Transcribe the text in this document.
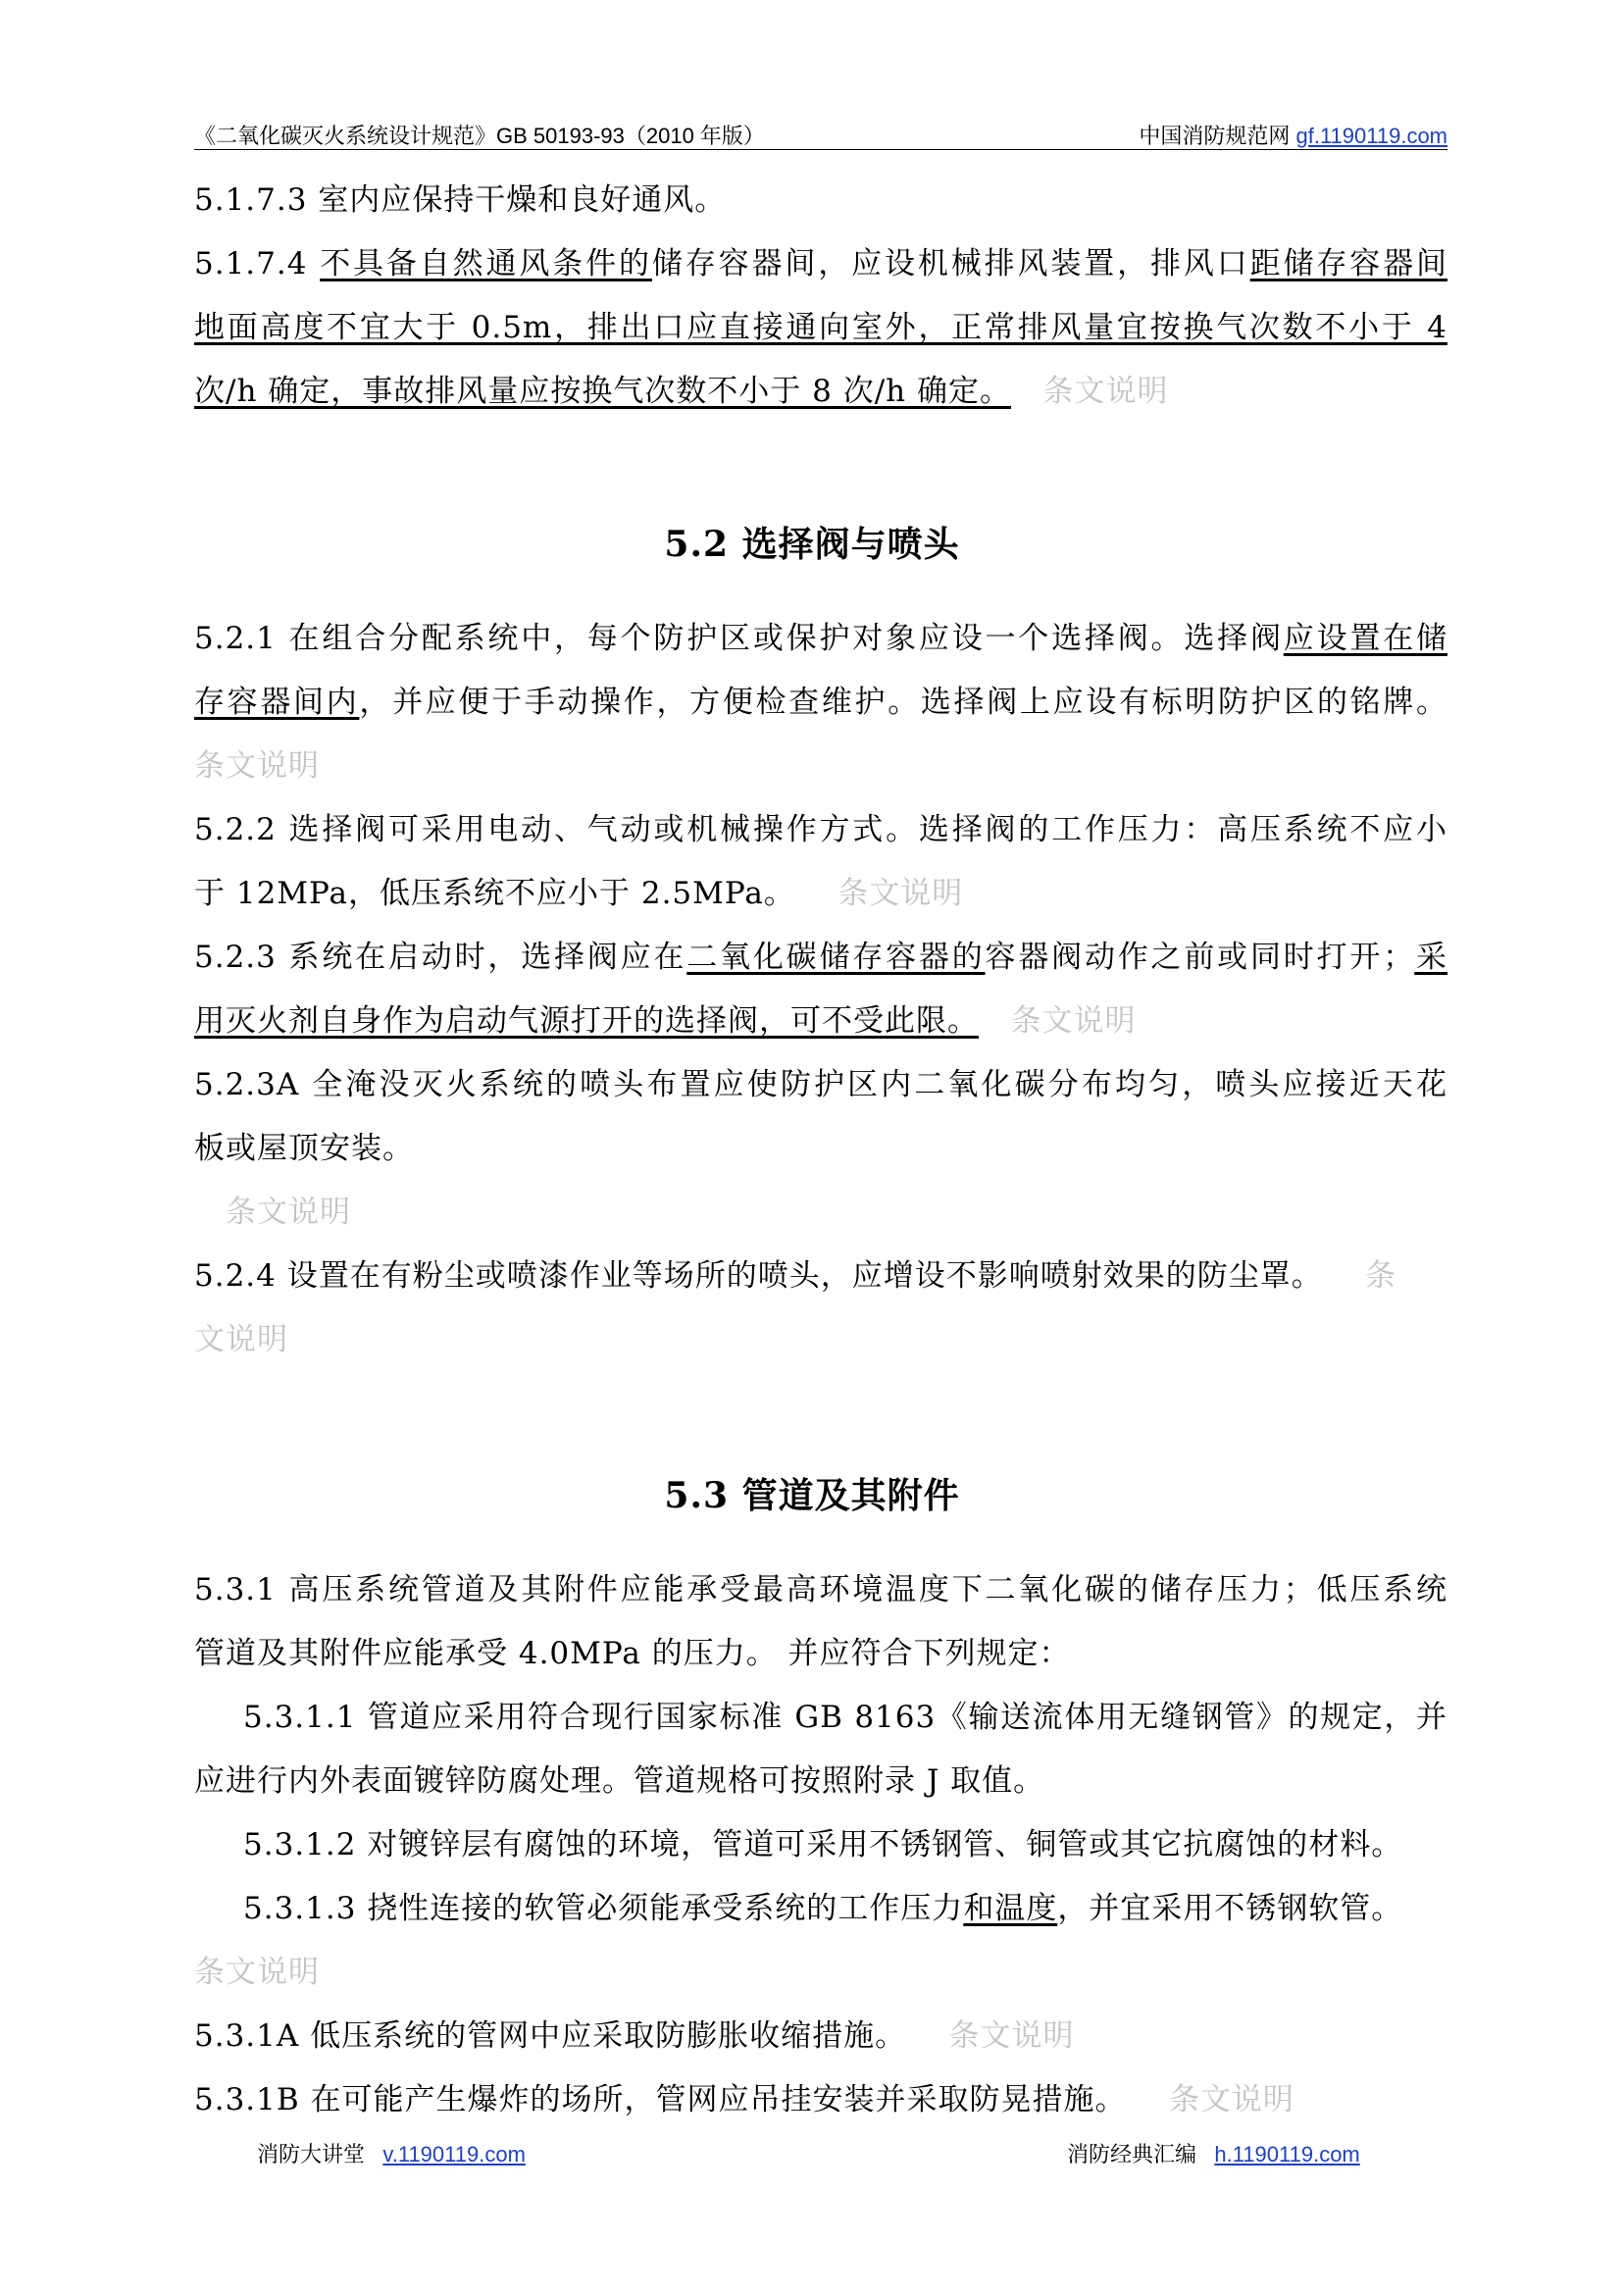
《二氧化碳灭火系统设计规范》GB 50193-93（2010 年版）	中国消防规范网 gf.1190119.com
5.1.7.3 室内应保持干燥和良好通风。
5.1.7.4 不具备自然通风条件的储存容器间，应设机械排风装置，排风口距储存容器间
地面高度不宜大于 0.5m，排出口应直接通向室外，正常排风量宜按换气次数不小于 4
次/h 确定，事故排风量应按换气次数不小于 8 次/h 确定。 条文说明
5.2 选择阀与喷头
5.2.1 在组合分配系统中，每个防护区或保护对象应设一个选择阀。选择阀应设置在储
存容器间内，并应便于手动操作，方便检查维护。选择阀上应设有标明防护区的铭牌。
条文说明
5.2.2 选择阀可采用电动、气动或机械操作方式。选择阀的工作压力：高压系统不应小
于 12MPa，低压系统不应小于 2.5MPa。 条文说明
5.2.3 系统在启动时，选择阀应在二氧化碳储存容器的容器阀动作之前或同时打开；采
用灭火剂自身作为启动气源打开的选择阀，可不受此限。 条文说明
5.2.3A 全淹没灭火系统的喷头布置应使防护区内二氧化碳分布均匀，喷头应接近天花
板或屋顶安装。
条文说明
5.2.4 设置在有粉尘或喷漆作业等场所的喷头，应增设不影响喷射效果的防尘罩。 条
文说明
5.3 管道及其附件
5.3.1 高压系统管道及其附件应能承受最高环境温度下二氧化碳的储存压力；低压系统
管道及其附件应能承受 4.0MPa 的压力。 并应符合下列规定：
5.3.1.1 管道应采用符合现行国家标准 GB 8163《输送流体用无缝钢管》的规定，并
应进行内外表面镀锌防腐处理。管道规格可按照附录 J 取值。
5.3.1.2 对镀锌层有腐蚀的环境，管道可采用不锈钢管、铜管或其它抗腐蚀的材料。
5.3.1.3 挠性连接的软管必须能承受系统的工作压力和温度，并宜采用不锈钢软管。
条文说明
5.3.1A 低压系统的管网中应采取防膨胀收缩措施。 条文说明
5.3.1B 在可能产生爆炸的场所，管网应吊挂安装并采取防晃措施。 条文说明
消防大讲堂 v.1190119.com	消防经典汇编 h.1190119.com
